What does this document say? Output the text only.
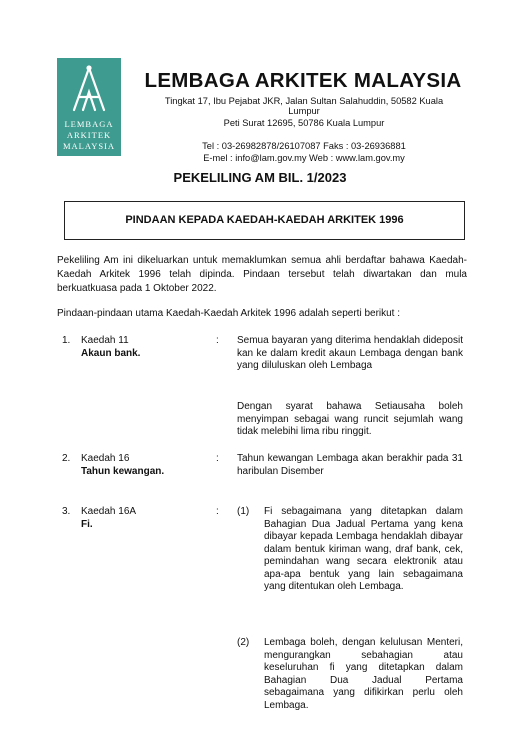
LEMBAGA
ARKITEK
MALAYSIA
LEMBAGA ARKITEK MALAYSIA
Tingkat 17, Ibu Pejabat JKR, Jalan Sultan Salahuddin, 50582 Kuala
Lumpur
Peti Surat 12695, 50786 Kuala Lumpur
Tel : 03-26982878/26107087 Faks : 03-26936881
E-mel : info@lam.gov.my Web : www.lam.gov.my
PEKELILING AM BIL. 1/2023
PINDAAN KEPADA KAEDAH-KAEDAH ARKITEK 1996
Pekeliling Am ini dikeluarkan untuk memaklumkan semua ahli berdaftar bahawa Kaedah-Kaedah Arkitek 1996 telah dipinda. Pindaan tersebut telah diwartakan dan mula berkuatkuasa pada 1 Oktober 2022.
Pindaan-pindaan utama Kaedah-Kaedah Arkitek 1996 adalah seperti berikut :
1. Kaedah 11
Akaun bank.
: Semua bayaran yang diterima hendaklah dideposit​kan ke dalam kredit akaun Lembaga dengan bank yang diluluskan oleh Lembaga
Dengan syarat bahawa Setiausaha boleh menyimpan sebagai wang runcit sejumlah wang tidak melebihi lima ribu ringgit.
2. Kaedah 16
Tahun kewangan.
: Tahun kewangan Lembaga akan berakhir pada 31 haribulan Disember
3. Kaedah 16A
Fi.
: (1) Fi sebagaimana yang ditetapkan dalam Bahagian Dua Jadual Pertama yang kena dibayar kepada Lembaga hendaklah dibayar dalam bentuk kiriman wang, draf bank, cek, pemindahan wang secara elektronik atau apa-apa bentuk yang lain sebagaimana yang ditentukan oleh Lembaga.
(2) Lembaga boleh, dengan kelulusan Menteri, mengurangkan sebahagian atau keseluruhan fi yang ditetapkan dalam Bahagian Dua Jadual Pertama sebagaimana yang difikirkan perlu oleh Lembaga.
